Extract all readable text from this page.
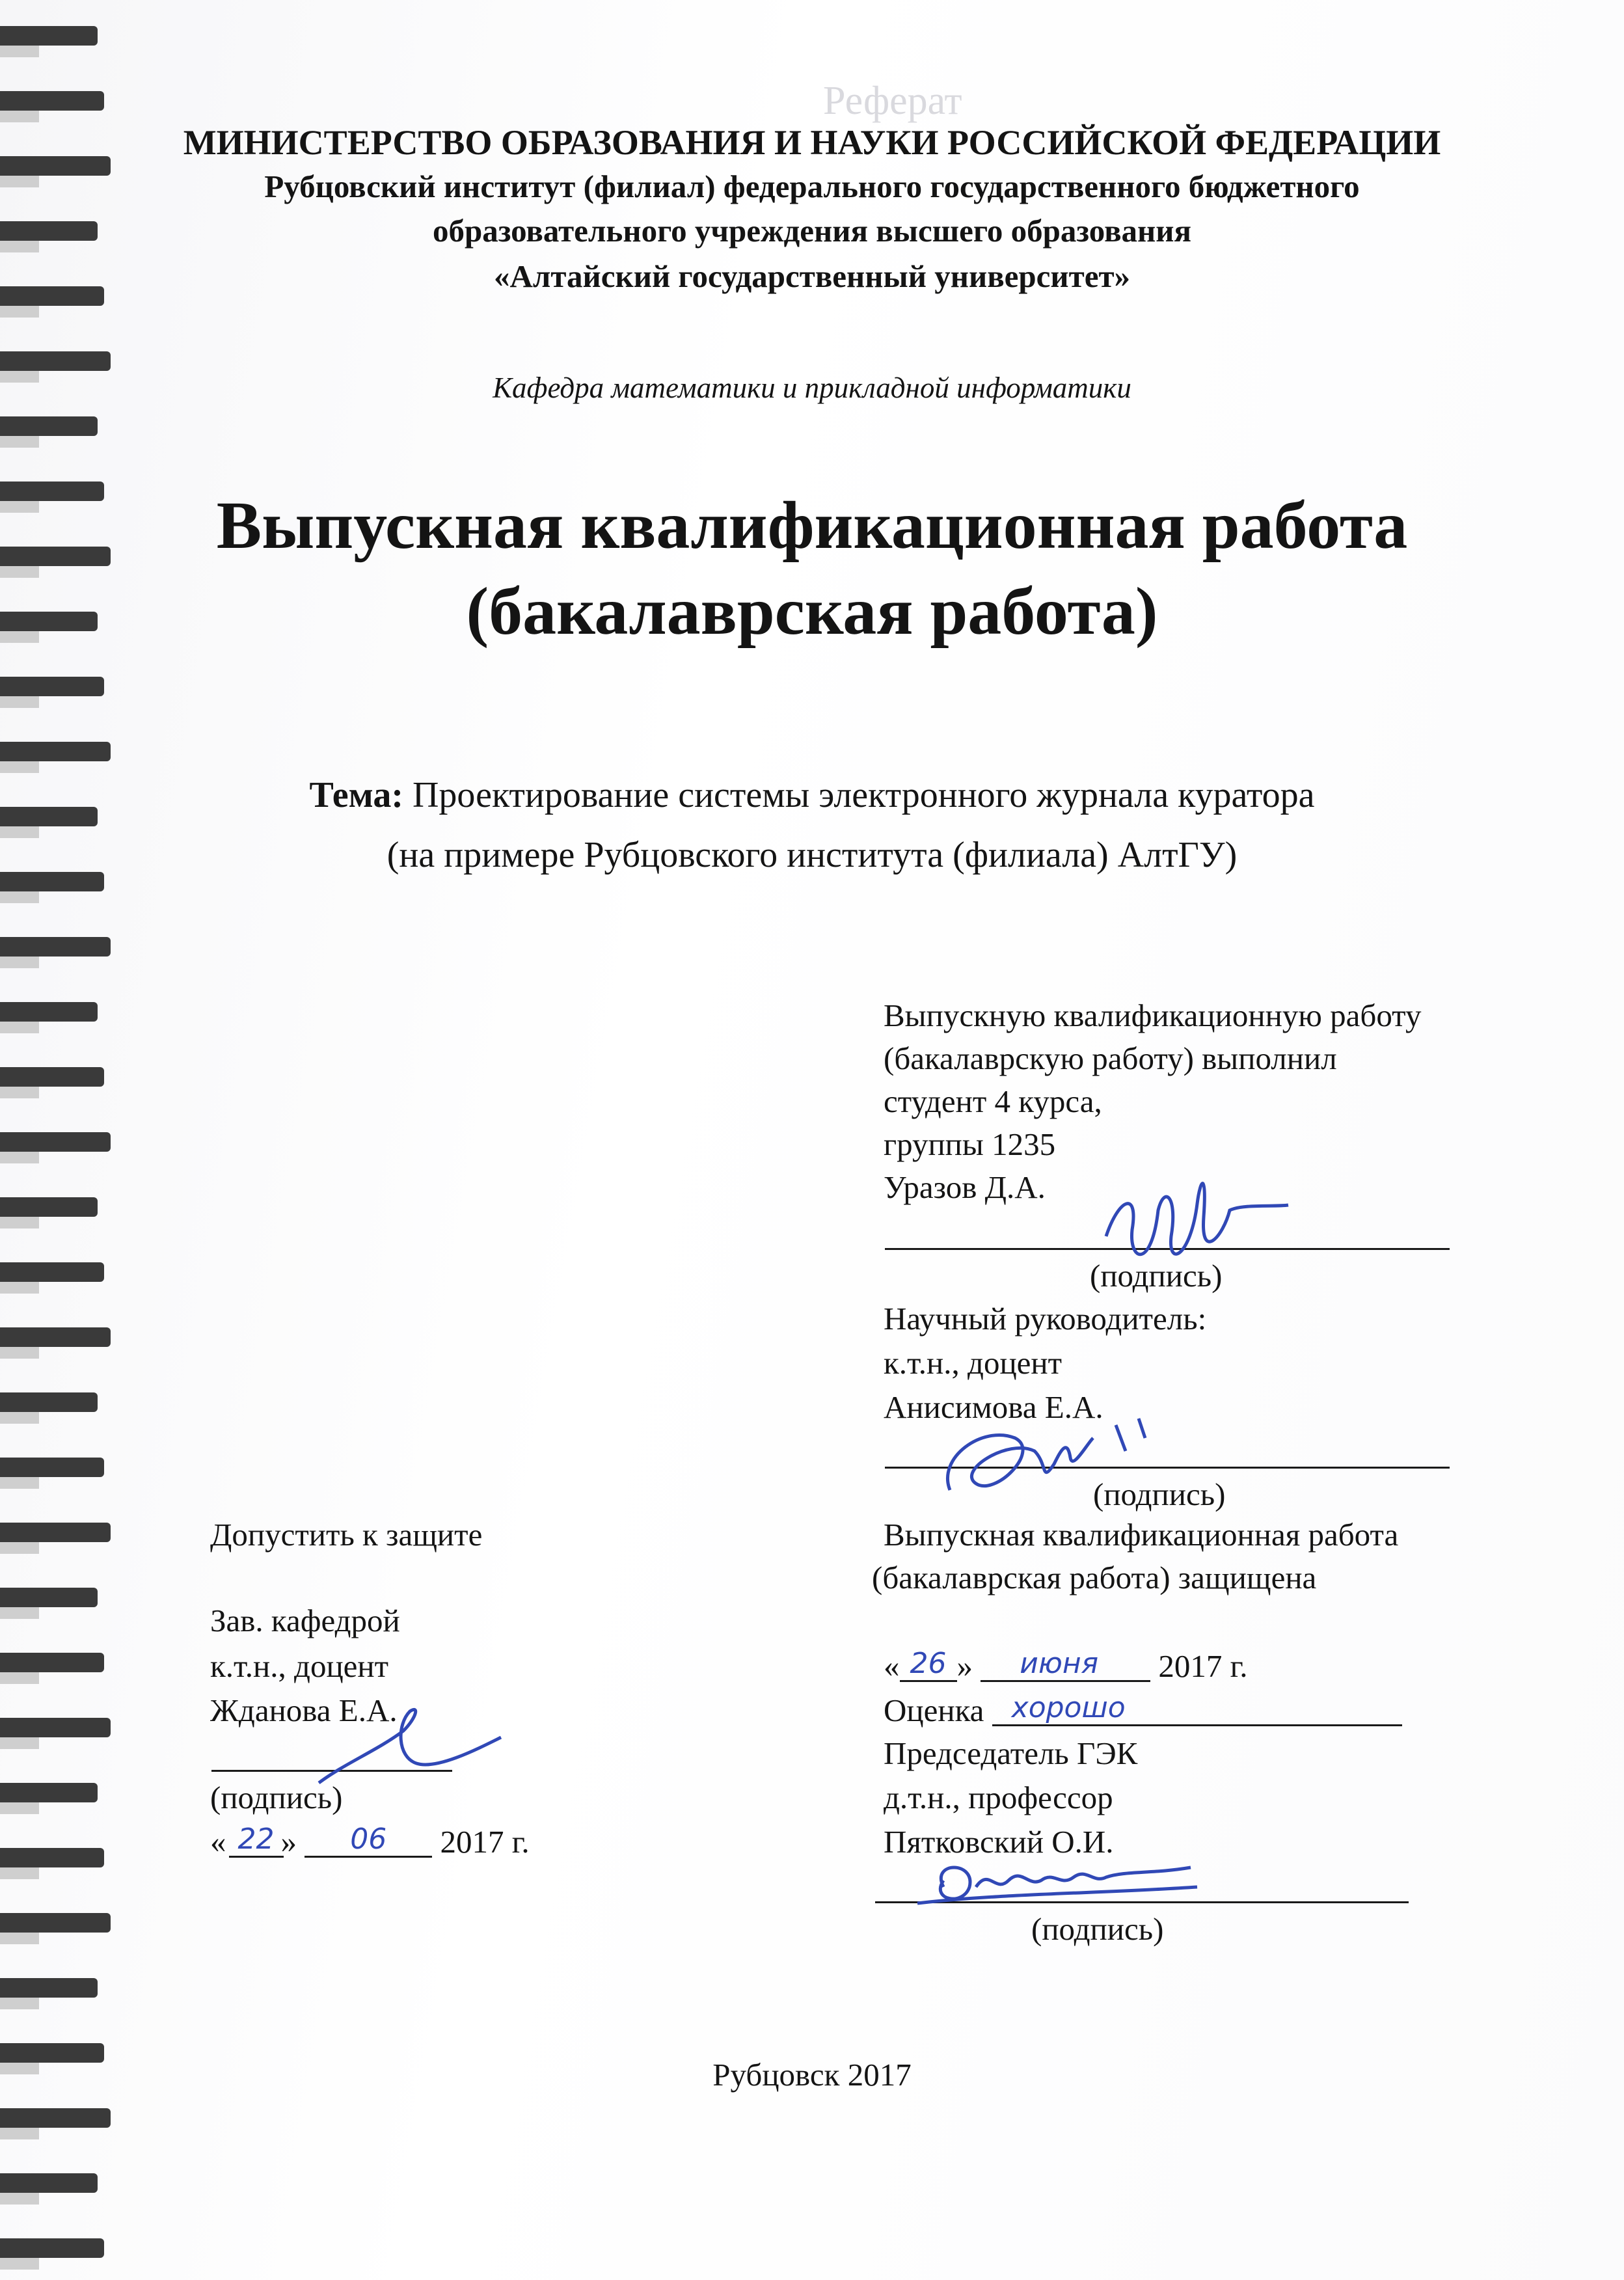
Реферат
МИНИСТЕРСТВО ОБРАЗОВАНИЯ И НАУКИ РОССИЙСКОЙ ФЕДЕРАЦИИ
Рубцовский институт (филиал) федерального государственного бюджетного
образовательного учреждения высшего образования
«Алтайский государственный университет»
Кафедра математики и прикладной информатики
Выпускная квалификационная работа
(бакалаврская работа)
Тема: Проектирование системы электронного журнала куратора
(на примере Рубцовского института (филиала) АлтГУ)
Выпускную квалификационную работу
(бакалаврскую работу) выполнил
студент 4 курса,
группы 1235
Уразов Д.А.
(подпись)
Научный руководитель:
к.т.н., доцент
Анисимова Е.А.
(подпись)
Допустить к защите
Зав. кафедрой
к.т.н., доцент
Жданова Е.А.
(подпись)
« 22 » 06 2017 г.
Выпускная квалификационная работа
(бакалаврская работа) защищена
« 26 » июня 2017 г.
Оценка хорошо
Председатель ГЭК
д.т.н., профессор
Пятковский О.И.
(подпись)
Рубцовск 2017
